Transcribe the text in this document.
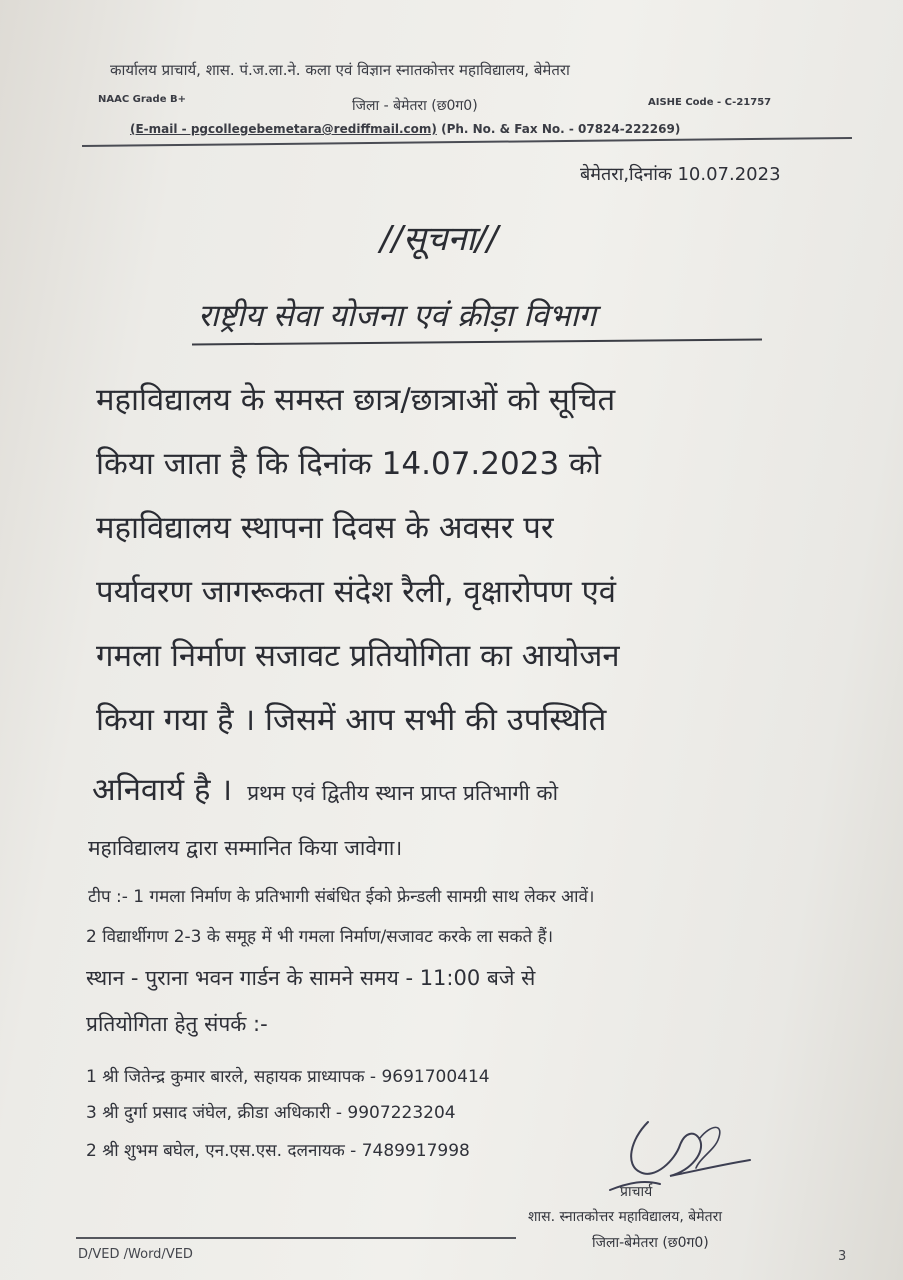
कार्यालय प्राचार्य, शास. पं.ज.ला.ने. कला एवं विज्ञान स्नातकोत्तर महाविद्यालय, बेमेतरा
NAAC Grade B+	जिला - बेमेतरा (छ0ग0)	AISHE Code - C-21757
(E-mail - pgcollegebemetara@rediffmail.com) (Ph. No. & Fax No. - 07824-222269)
बेमेतरा,दिनांक 10.07.2023
//सूचना//
राष्ट्रीय सेवा योजना एवं क्रीड़ा विभाग
महाविद्यालय के समस्त छात्र/छात्राओं को सूचित
किया जाता है कि दिनांक 14.07.2023 को
महाविद्यालय स्थापना दिवस के अवसर पर
पर्यावरण जागरूकता संदेश रैली, वृक्षारोपण एवं
गमला निर्माण सजावट प्रतियोगिता का आयोजन
किया गया है । जिसमें आप सभी की उपस्थिति
अनिवार्य है । प्रथम एवं द्वितीय स्थान प्राप्त प्रतिभागी को
महाविद्यालय द्वारा सम्मानित किया जावेगा।
टीप :- 1 गमला निर्माण के प्रतिभागी संबंधित ईको फ्रेन्डली सामग्री साथ लेकर आवें।
2 विद्यार्थीगण 2-3 के समूह में भी गमला निर्माण/सजावट करके ला सकते हैं।
स्थान - पुराना भवन गार्डन के सामने समय - 11:00 बजे से
प्रतियोगिता हेतु संपर्क :-
1 श्री जितेन्द्र कुमार बारले, सहायक प्राध्यापक - 9691700414
3 श्री दुर्गा प्रसाद जंघेल, क्रीडा अधिकारी - 9907223204
2 श्री शुभम बघेल, एन.एस.एस. दलनायक - 7489917998
प्राचार्य
शास. स्नातकोत्तर महाविद्यालय, बेमेतरा
जिला-बेमेतरा (छ0ग0)
D/VED /Word/VED	3
